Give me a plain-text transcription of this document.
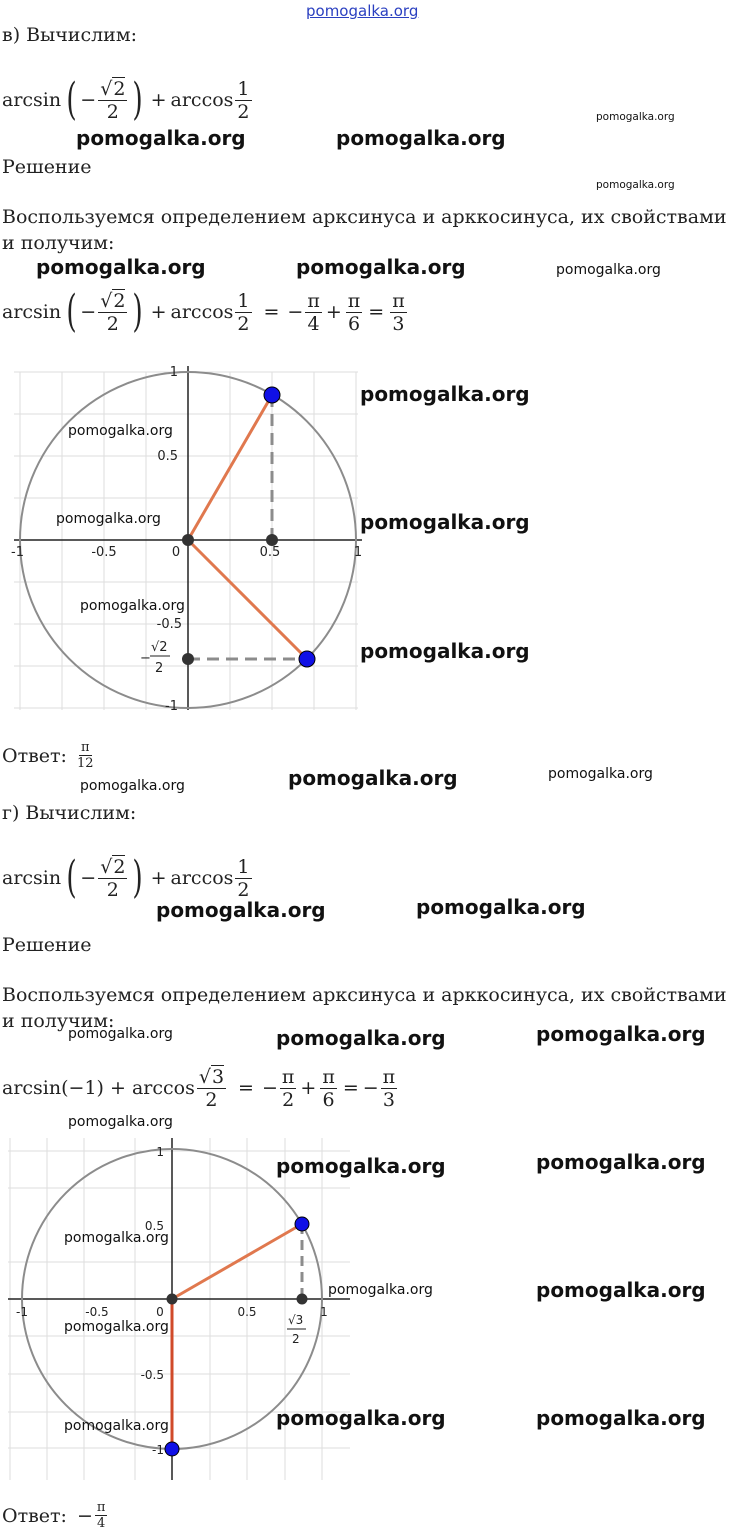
pomogalka.org
в) Вычислим:
arcsin ( − $\frac{√2}{2}$ ) + $\arccos \frac{1}{2}$
Решение
Воспользуемся определением арксинуса и арккосинуса, их свойствами и получим:
arcsin ( − $\frac{√2}{2}$ ) + $\arccos \frac{1}{2}$ = − $\frac{\pi}{4} + \frac{\pi}{6} = \frac{\pi}{3}$
-1	-0.5	0	0.5	1
1
0.5
-0.5
-1
−
√2
2
Ответ: $\frac{\pi}{12}$
г) Вычислим:
arcsin ( − $\frac{√2}{2}$ ) + $\arccos \frac{1}{2}$
Решение
Воспользуемся определением арксинуса и арккосинуса, их свойствами и получим:
$\arcsin(-1) + \arccos \frac{√3}{2}$ = − $\frac{\pi}{2} + \frac{\pi}{6}$ = − $\frac{\pi}{3}$
-1	-0.5	0	0.5	1
1
0.5
-0.5
-1
√3
2
Ответ: − $\frac{\pi}{4}$
pomogalka.org	pomogalka.org
pomogalka.org
pomogalka.org
pomogalka.org	pomogalka.org	pomogalka.org
pomogalka.org
pomogalka.org
pomogalka.org
pomogalka.org
pomogalka.org
pomogalka.org
pomogalka.org	pomogalka.org
pomogalka.org
pomogalka.org	pomogalka.org
pomogalka.org	pomogalka.org	pomogalka.org
pomogalka.org
pomogalka.org	pomogalka.org
pomogalka.org
pomogalka.org	pomogalka.org
pomogalka.org
pomogalka.org	pomogalka.org
pomogalka.org
